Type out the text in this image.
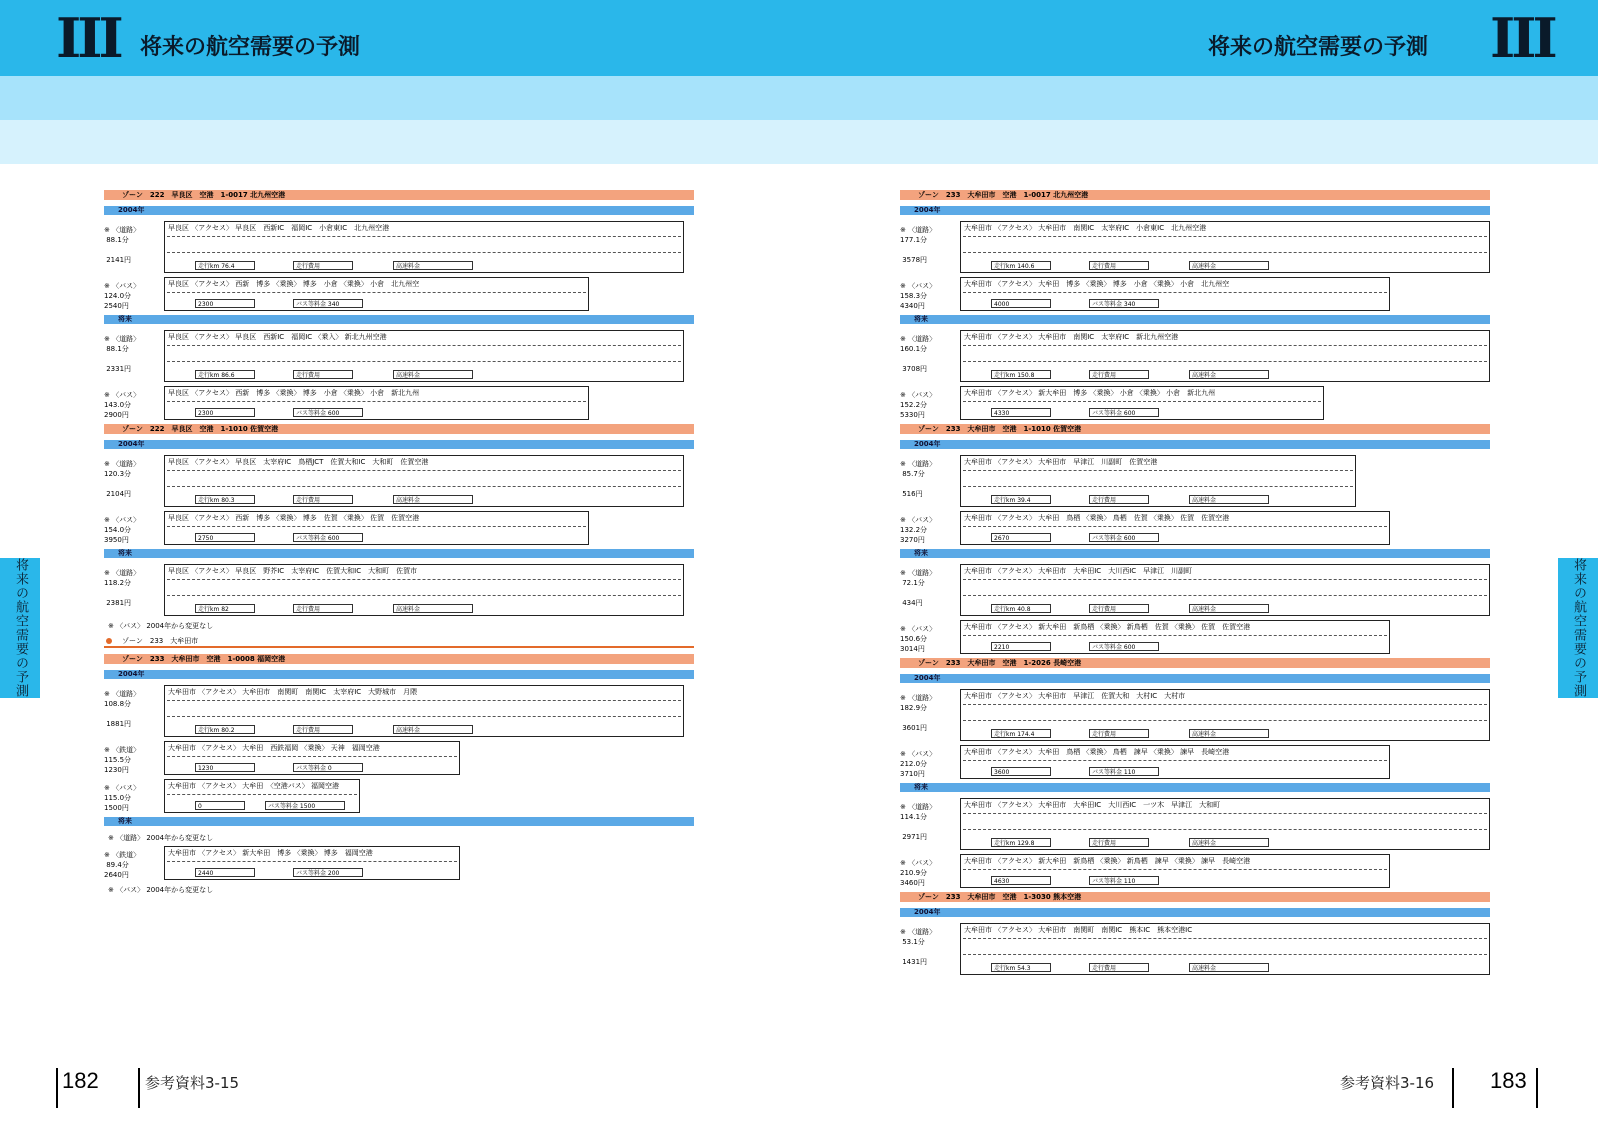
III 将来の航空需要の予測	将来の航空需要の予測 III
将来の航空需要の予測	将来の航空需要の予測
ゾーン　222　早良区　空港　1-0017 北九州空港
2004年
※ 〈道路〉
88.1分

2141円
早良区 〈アクセス〉 早良区　西新IC　福岡IC　小倉東IC　北九州空港
走行km 76.4	走行費用	高速料金
※ 〈バス〉
124.0分
2540円
早良区 〈アクセス〉 西新　博多 〈乗換〉 博多　小倉 〈乗換〉 小倉　北九州空
2300	バス等料金 340
将来
※ 〈道路〉
88.1分

2331円
早良区 〈アクセス〉 早良区　西新IC　福岡IC 〈乗入〉 新北九州空港
走行km 86.6	走行費用	高速料金
※ 〈バス〉
143.0分
2900円
早良区 〈アクセス〉 西新　博多 〈乗換〉 博多　小倉 〈乗換〉 小倉　新北九州
2300	バス等料金 600
ゾーン　222　早良区　空港　1-1010 佐賀空港
2004年
※ 〈道路〉
120.3分

2104円
早良区 〈アクセス〉 早良区　太宰府IC　鳥栖JCT　佐賀大和IC　大和町　佐賀空港
走行km 80.3	走行費用	高速料金
※ 〈バス〉
154.0分
3950円
早良区 〈アクセス〉 西新　博多 〈乗換〉 博多　佐賀 〈乗換〉 佐賀　佐賀空港
2750	バス等料金 600
将来
※ 〈道路〉
118.2分

2381円
早良区 〈アクセス〉 早良区　野芥IC　太宰府IC　佐賀大和IC　大和町　佐賀市
走行km 82	走行費用	高速料金
※ 〈バス〉 2004年から変更なし
ゾーン　233　大牟田市
ゾーン　233　大牟田市　空港　1-0008 福岡空港
2004年
※ 〈道路〉
108.8分

1881円
大牟田市 〈アクセス〉 大牟田市　南関町　南関IC　太宰府IC　大野城市　月隈
走行km 80.2	走行費用	高速料金
※ 〈鉄道〉
115.5分
1230円
大牟田市 〈アクセス〉 大牟田　西鉄福岡 〈乗換〉 天神　福岡空港
1230	バス等料金 0
※ 〈バス〉
115.0分
1500円
大牟田市 〈アクセス〉 大牟田　〈空港バス〉 福岡空港
0	バス等料金 1500
将来
※ 〈道路〉 2004年から変更なし
※ 〈鉄道〉
89.4分
2640円
大牟田市 〈アクセス〉 新大牟田　博多 〈乗換〉 博多　福岡空港
2440	バス等料金 200
※ 〈バス〉 2004年から変更なし
ゾーン　233　大牟田市　空港　1-0017 北九州空港
2004年
※ 〈道路〉
177.1分

3578円
大牟田市 〈アクセス〉 大牟田市　南関IC　太宰府IC　小倉東IC　北九州空港
走行km 140.6	走行費用	高速料金
※ 〈バス〉
158.3分
4340円
大牟田市 〈アクセス〉 大牟田　博多 〈乗換〉 博多　小倉 〈乗換〉 小倉　北九州空
4000	バス等料金 340
将来
※ 〈道路〉
160.1分

3708円
大牟田市 〈アクセス〉 大牟田市　南関IC　太宰府IC　新北九州空港
走行km 150.8	走行費用	高速料金
※ 〈バス〉
152.2分
5330円
大牟田市 〈アクセス〉 新大牟田　博多 〈乗換〉 小倉 〈乗換〉 小倉　新北九州
4330	バス等料金 600
ゾーン　233　大牟田市　空港　1-1010 佐賀空港
2004年
※ 〈道路〉
85.7分

516円
大牟田市 〈アクセス〉 大牟田市　早津江　川副町　佐賀空港
走行km 39.4	走行費用	高速料金
※ 〈バス〉
132.2分
3270円
大牟田市 〈アクセス〉 大牟田　鳥栖 〈乗換〉 鳥栖　佐賀 〈乗換〉 佐賀　佐賀空港
2670	バス等料金 600
将来
※ 〈道路〉
72.1分

434円
大牟田市 〈アクセス〉 大牟田市　大牟田IC　大川西IC　早津江　川副町
走行km 40.8	走行費用	高速料金
※ 〈バス〉
150.6分
3014円
大牟田市 〈アクセス〉 新大牟田　新鳥栖 〈乗換〉 新鳥栖　佐賀 〈乗換〉 佐賀　佐賀空港
2210	バス等料金 600
ゾーン　233　大牟田市　空港　1-2026 長崎空港
2004年
※ 〈道路〉
182.9分

3601円
大牟田市 〈アクセス〉 大牟田市　早津江　佐賀大和　大村IC　大村市
走行km 174.4	走行費用	高速料金
※ 〈バス〉
212.0分
3710円
大牟田市 〈アクセス〉 大牟田　鳥栖 〈乗換〉 鳥栖　諫早 〈乗換〉 諫早　長崎空港
3600	バス等料金 110
将来
※ 〈道路〉
114.1分

2971円
大牟田市 〈アクセス〉 大牟田市　大牟田IC　大川西IC　一ツ木　早津江　大和町
走行km 129.8	走行費用	高速料金
※ 〈バス〉
210.9分
3460円
大牟田市 〈アクセス〉 新大牟田　新鳥栖 〈乗換〉 新鳥栖　諫早 〈乗換〉 諫早　長崎空港
4630	バス等料金 110
ゾーン　233　大牟田市　空港　1-3030 熊本空港
2004年
※ 〈道路〉
53.1分

1431円
大牟田市 〈アクセス〉 大牟田市　南関町　南関IC　熊本IC　熊本空港IC
走行km 54.3	走行費用	高速料金
182	参考資料3-15	参考資料3-16	183
